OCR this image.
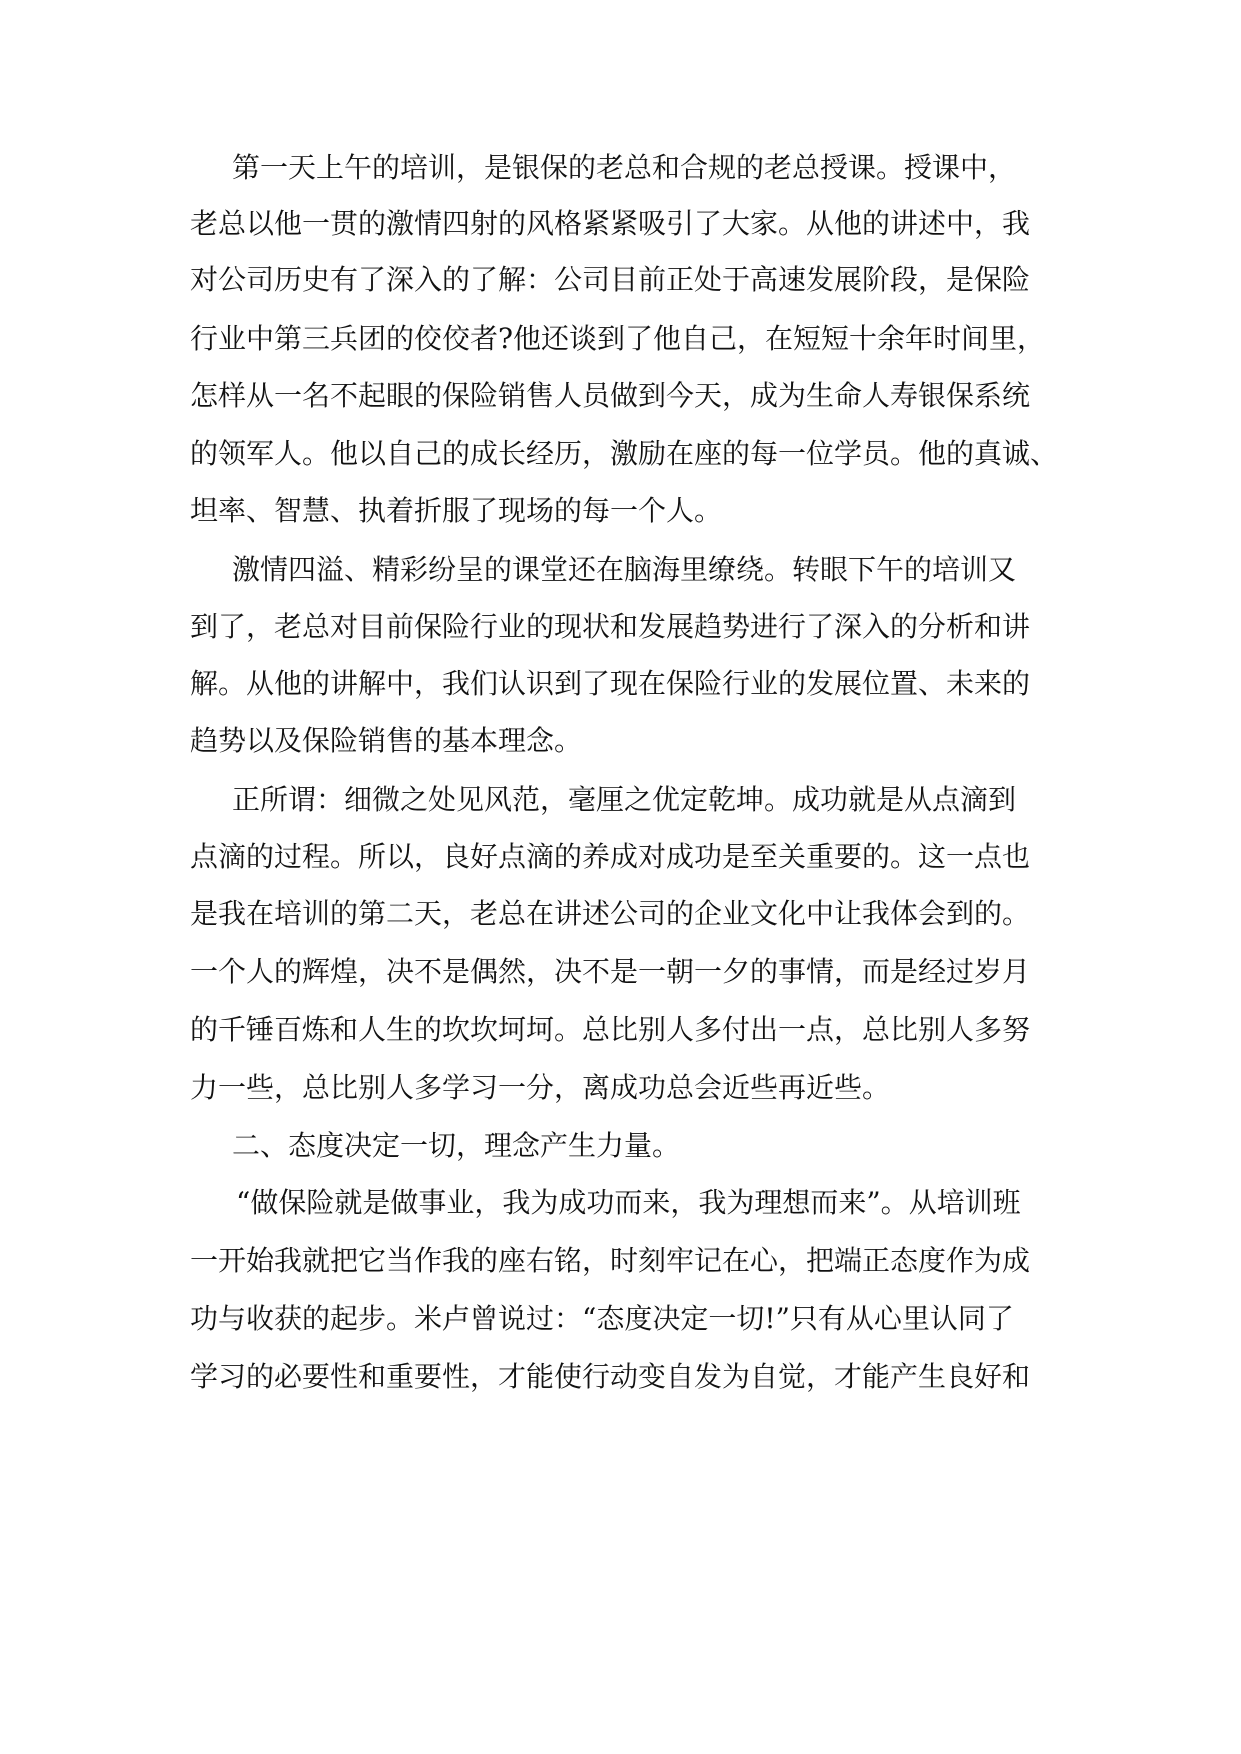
第一天上午的培训，是银保的老总和合规的老总授课。授课中，
老总以他一贯的激情四射的风格紧紧吸引了大家。从他的讲述中，我
对公司历史有了深入的了解：公司目前正处于高速发展阶段，是保险
行业中第三兵团的佼佼者?他还谈到了他自己，在短短十余年时间里，
怎样从一名不起眼的保险销售人员做到今天，成为生命人寿银保系统
的领军人。他以自己的成长经历，激励在座的每一位学员。他的真诚、
坦率、智慧、执着折服了现场的每一个人。
激情四溢、精彩纷呈的课堂还在脑海里缭绕。转眼下午的培训又
到了，老总对目前保险行业的现状和发展趋势进行了深入的分析和讲
解。从他的讲解中，我们认识到了现在保险行业的发展位置、未来的
趋势以及保险销售的基本理念。
正所谓：细微之处见风范，毫厘之优定乾坤。成功就是从点滴到
点滴的过程。所以，良好点滴的养成对成功是至关重要的。这一点也
是我在培训的第二天，老总在讲述公司的企业文化中让我体会到的。
一个人的辉煌，决不是偶然，决不是一朝一夕的事情，而是经过岁月
的千锤百炼和人生的坎坎坷坷。总比别人多付出一点，总比别人多努
力一些，总比别人多学习一分，离成功总会近些再近些。
二、态度决定一切，理念产生力量。
“做保险就是做事业，我为成功而来，我为理想而来”。从培训班
一开始我就把它当作我的座右铭，时刻牢记在心，把端正态度作为成
功与收获的起步。米卢曾说过：“态度决定一切!”只有从心里认同了
学习的必要性和重要性，才能使行动变自发为自觉，才能产生良好和
